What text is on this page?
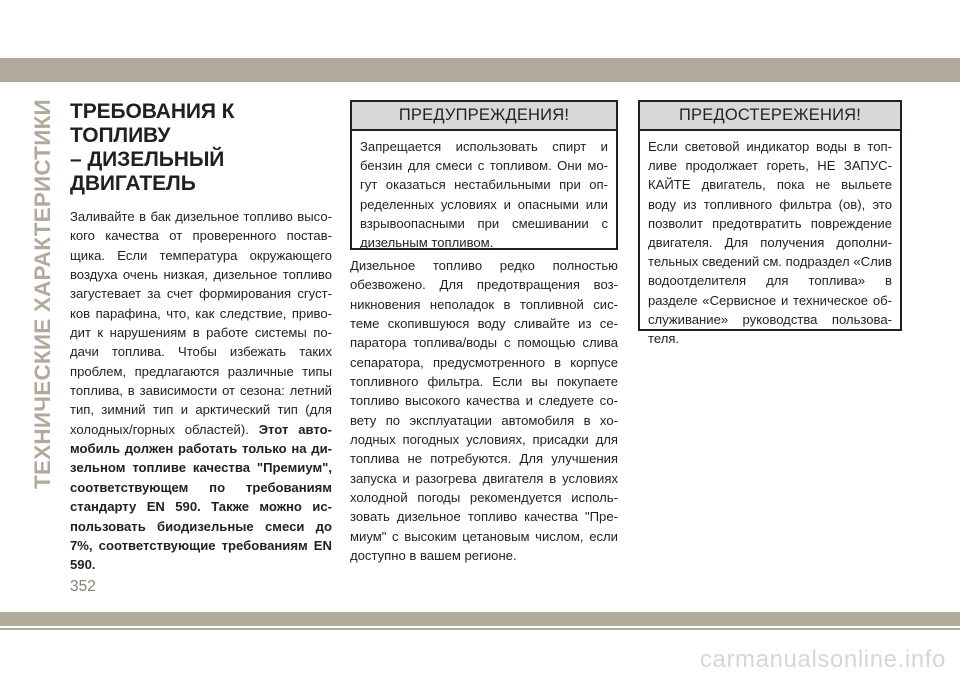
ТЕХНИЧЕСКИЕ ХАРАКТЕРИСТИКИ ТРЕБОВАНИЯ К ТОПЛИВУ
– ДИЗЕЛЬНЫЙ
ДВИГАТЕЛЬ

Заливайте в бак дизельное топливо высокого качества от проверенного поставщика. Если температура окружающего воздуха очень низкая, дизельное топливо загустевает за счет формирования сгустков парафина, что, как следствие, приводит к нарушениям в работе системы подачи топлива. Чтобы избежать таких проблем, предлагаются различные типы топлива, в зависимости от сезона: летний тип, зимний тип и арктический тип (для холодных/горных областей). Этот автомобиль должен работать только на дизельном топливе качества "Премиум", соответствующем по требованиям стандарту EN 590. Также можно использовать биодизельные смеси до 7%, соответствующие требованиям EN 590.

ПРЕДУПРЕЖДЕНИЯ!

Запрещается использовать спирт и бензин для смеси с топливом. Они могут оказаться нестабильными при определенных условиях и опасными или взрывоопасными при смешивании с дизельным топливом.

Дизельное топливо редко полностью обезвожено. Для предотвращения возникновения неполадок в топливной системе скопившуюся воду сливайте из сепаратора топлива/воды с помощью слива сепаратора, предусмотренного в корпусе топливного фильтра. Если вы покупаете топливо высокого качества и следуете совету по эксплуатации автомобиля в холодных погодных условиях, присадки для топлива не потребуются. Для улучшения запуска и разогрева двигателя в условиях холодной погоды рекомендуется использовать дизельное топливо качества "Премиум" с высоким цетановым числом, если доступно в вашем регионе.

ПРЕДОСТЕРЕЖЕНИЯ!

Если световой индикатор воды в топливе продолжает гореть, НЕ ЗАПУСКАЙТЕ двигатель, пока не выльете воду из топливного фильтра (ов), это позволит предотвратить повреждение двигателя. Для получения дополнительных сведений см. подраздел «Слив водоотделителя для топлива» в разделе «Сервисное и техническое обслуживание» руководства пользователя.

352
carmanualsonline.info
